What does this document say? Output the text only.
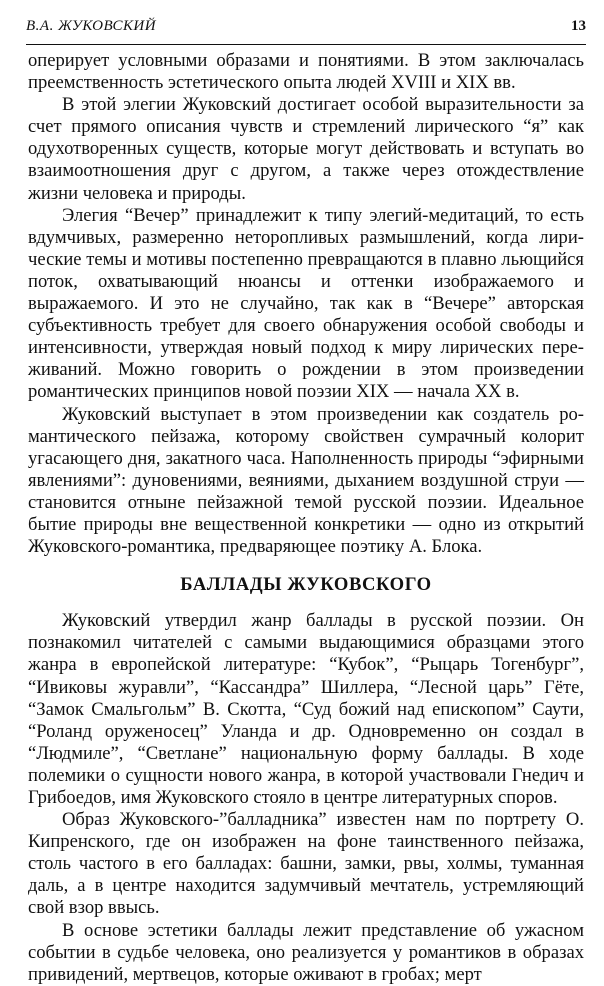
В.А. ЖУКОВСКИЙ	13

оперирует условными образами и понятиями. В этом заключалась преемственность эстетического опыта людей XVIII и XIX вв.

В этой элегии Жуковский достигает особой выразительности за счет прямого описания чувств и стремлений лирического “я” как одухотворенных существ, которые могут действовать и вступать во взаимоотношения друг с другом, а также через отождествление жизни человека и природы.

Элегия “Вечер” принадлежит к типу элегий-медитаций, то есть вдумчивых, размеренно неторопливых размышлений, когда лирические темы и мотивы постепенно превращаются в плавно льющийся поток, охватывающий нюансы и оттенки изображаемого и выражаемого. И это не случайно, так как в “Вечере” авторская субъективность требует для своего обнаружения особой свободы и интенсивности, утверждая новый подход к миру лирических переживаний. Можно говорить о рождении в этом произведении романтических принципов новой поэзии XIX — начала XX в.

Жуковский выступает в этом произведении как создатель романтического пейзажа, которому свойствен сумрачный колорит угасающего дня, закатного часа. Наполненность природы “эфирными явлениями”: дуновениями, веяниями, дыханием воздушной струи — становится отныне пейзажной темой русской поэзии. Идеальное бытие природы вне вещественной конкретики — одно из открытий Жуковского-романтика, предваряющее поэтику А. Блока.

БАЛЛАДЫ ЖУКОВСКОГО

Жуковский утвердил жанр баллады в русской поэзии. Он познакомил читателей с самыми выдающимися образцами этого жанра в европейской литературе: “Кубок”, “Рыцарь Тогенбург”, “Ивиковы журавли”, “Кассандра” Шиллера, “Лесной царь” Гёте, “Замок Смальгольм” В. Скотта, “Суд божий над епископом” Саути, “Роланд оруженосец” Уланда и др. Одновременно он создал в “Людмиле”, “Светлане” национальную форму баллады. В ходе полемики о сущности нового жанра, в которой участвовали Гнедич и Грибоедов, имя Жуковского стояло в центре литературных споров.

Образ Жуковского-”балладника” известен нам по портрету О. Кипренского, где он изображен на фоне таинственного пейзажа, столь частого в его балладах: башни, замки, рвы, холмы, туманная даль, а в центре находится задумчивый мечтатель, устремляющий свой взор ввысь.

В основе эстетики баллады лежит представление об ужасном событии в судьбе человека, оно реализуется у романтиков в образах привидений, мертвецов, которые оживают в гробах; мерт
